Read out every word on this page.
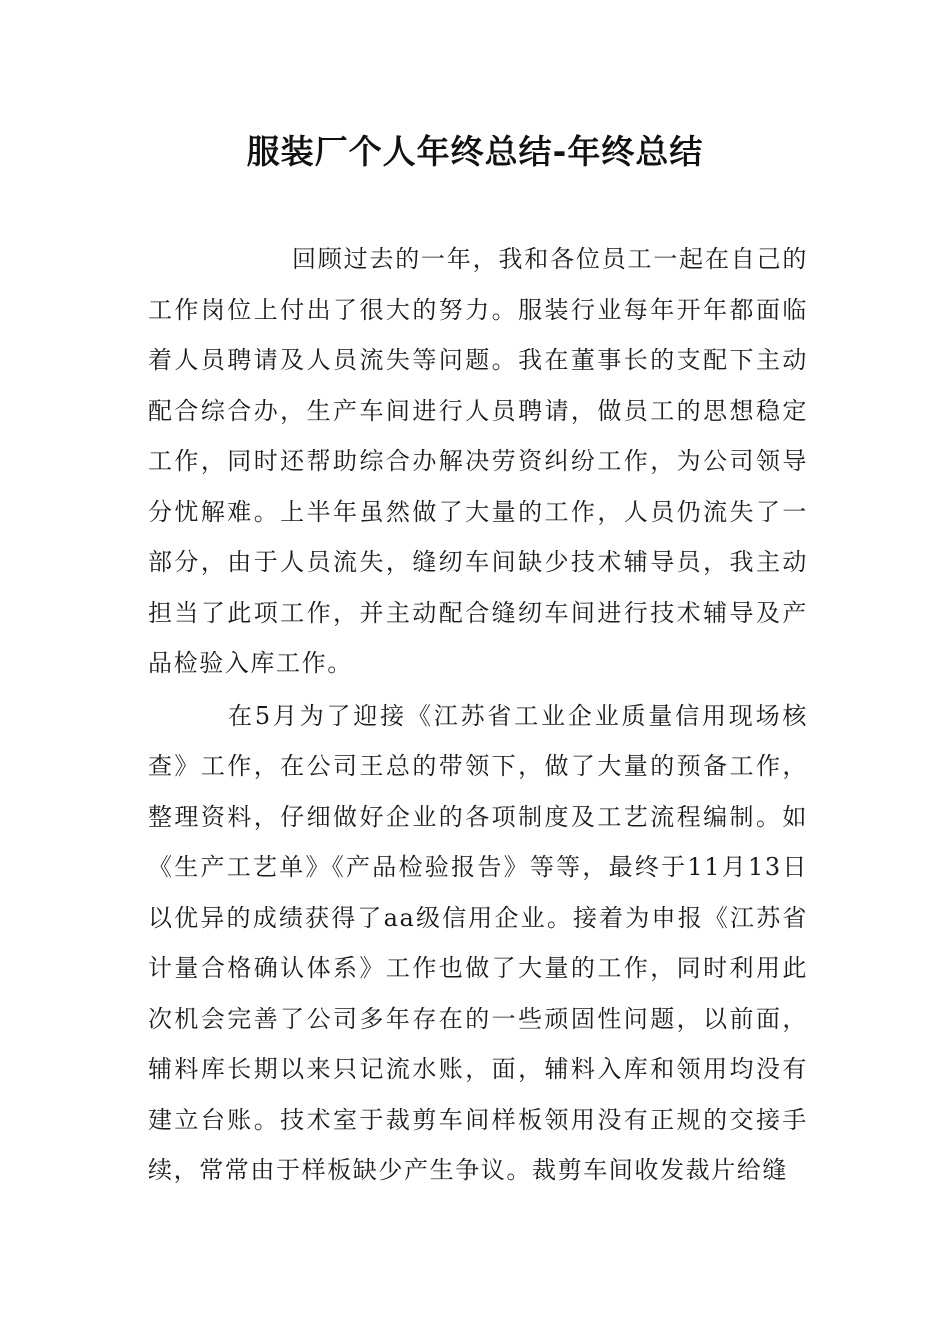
服装厂个人年终总结-年终总结

回顾过去的一年，我和各位员工一起在自己的工作岗位上付出了很大的努力。服装行业每年开年都面临着人员聘请及人员流失等问题。我在董事长的支配下主动配合综合办，生产车间进行人员聘请，做员工的思想稳定工作，同时还帮助综合办解决劳资纠纷工作，为公司领导分忧解难。上半年虽然做了大量的工作，人员仍流失了一部分，由于人员流失，缝纫车间缺少技术辅导员，我主动担当了此项工作，并主动配合缝纫车间进行技术辅导及产品检验入库工作。

在5月为了迎接《江苏省工业企业质量信用现场核查》工作，在公司王总的带领下，做了大量的预备工作，整理资料，仔细做好企业的各项制度及工艺流程编制。如《生产工艺单》《产品检验报告》等等，最终于11月13日以优异的成绩获得了aa级信用企业。接着为申报《江苏省计量合格确认体系》工作也做了大量的工作，同时利用此次机会完善了公司多年存在的一些顽固性问题，以前面，辅料库长期以来只记流水账，面，辅料入库和领用均没有建立台账。技术室于裁剪车间样板领用没有正规的交接手续，常常由于样板缺少产生争议。裁剪车间收发裁片给缝
